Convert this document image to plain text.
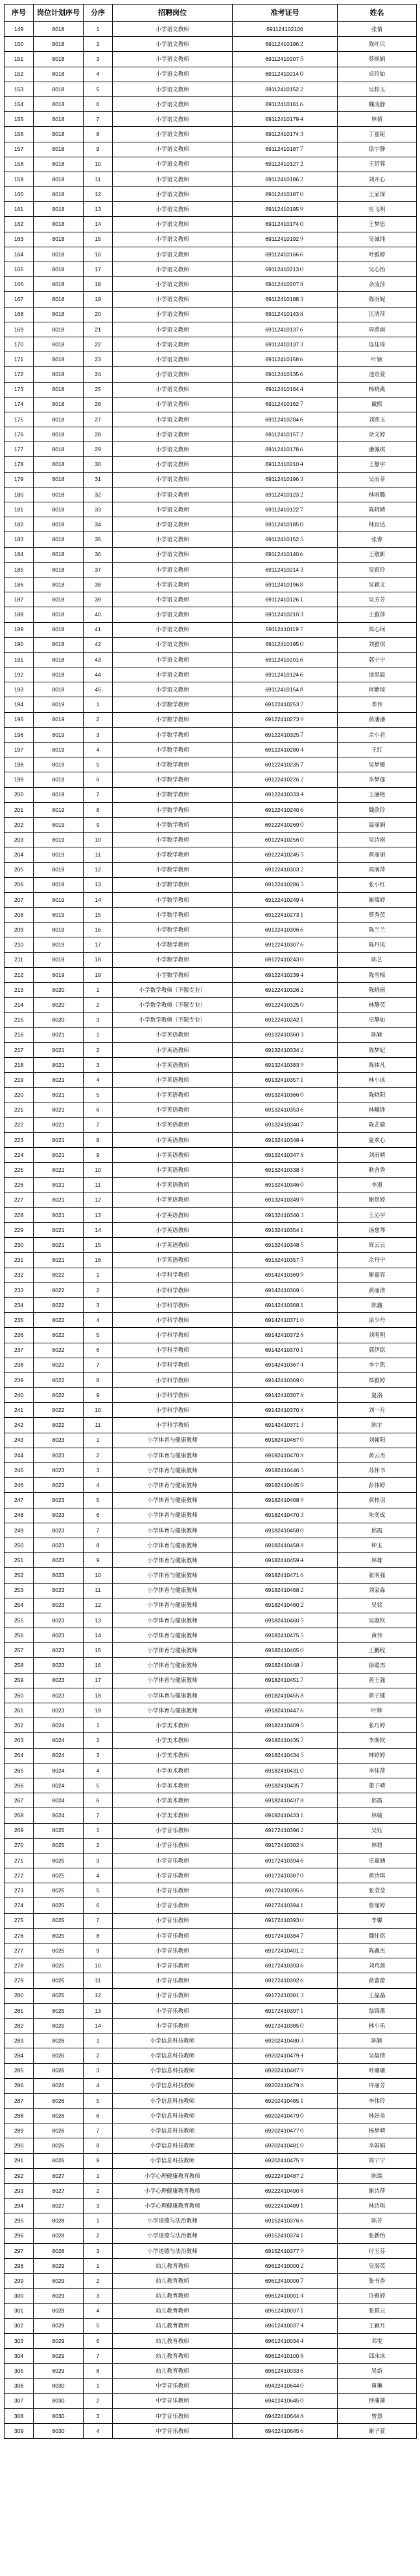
序号	岗位计划序号	分序	招聘岗位	准考证号	姓名
149	8018	1	小学语文教师	69112410210б	张情
150	8018	2	小学语文教师	69112410196２	陈叶贝
151	8018	3	小学语文教师	69112410207５	蔡焕娟
152	8018	4	小学语文教师	69112410214０	卓玲如
153	8018	5	小学语文教师	69112410152２	吴梓玉
154	8018	6	小学语文教师	69112410161６	魏凌静
155	8018	7	小学语文教师	69112410179４	林倩
156	8018	8	小学语文教师	69112410174３	丁兹铌
157	8018	9	小学语文教师	69112410187７	徐宇静
158	8018	10	小学语文教师	69112410127２	王绍蓉
159	8018	11	小学语文教师	69112410186２	刘开心
160	8018	12	小学语文教师	69112410187０	王家琛
161	8018	13	小学语文教师	69112410195９	应飞明
162	8018	14	小学语文教师	69112410174０	王梦思
163	8018	15	小学语文教师	69112410192９	吴诚纯
164	8018	16	小学语文教师	69112410166６	叶雅婷
165	8018	17	小学语文教师	69112410213０	吴心怡
166	8018	18	小学语文教师	69112410207８	余凌萍
167	8018	19	小学语文教师	69112410188３	陈雨妮
168	8018	20	小学语文教师	69112410143８	江清萍
169	8018	21	小学语文教师	69112410137６	周欣雨
170	8018	22	小学语文教师	69112410137３	连佳琦
171	8018	23	小学语文教师	69112410158６	叶颖
172	8018	24	小学语文教师	69112410135６	池语萱
173	8018	25	小学语文教师	69112410164４	杨晓燕
174	8018	26	小学语文教师	69112410162７	戴熙
175	8018	27	小学语文教师	69112410204６	刘欣玉
176	8018	28	小学语文教师	69112410157２	余文婷
177	8018	29	小学语文教师	69112410178６	潘佩琪
178	8018	30	小学语文教师	69112410210４	王静宇
179	8018	31	小学语文教师	69112410196３	吴雨菲
180	8018	32	小学语文教师	69112410123２	林雨璐
181	8018	33	小学语文教师	69112410122７	陈晓婧
182	8018	34	小学语文教师	69112410185０	林宜达
183	8018	35	小学语文教师	69112410152５	张睿
184	8018	36	小学语文教师	69112410140６	王敬新
185	8018	37	小学语文教师	69112410214３	吴银玲
186	8018	38	小学语文教师	69112410196８	吴颖文
187	8018	39	小学语文教师	69112410126１	吴芳芳
188	8018	40	小学语文教师	69112410210３	王雅萍
189	8018	41	小学语文教师	69112410119７	郑心珂
190	8018	42	小学语文教师	69112410195０	刘雅琪
191	8018	43	小学语文教师	69112410201６	郭宁宁
192	8018	44	小学语文教师	69112410124６	池思晨
193	8018	45	小学语文教师	69112410154８	何紫琼
194	8019	1	小学数学教师	69122410253７	季伟
195	8019	2	小学数学教师	69122410273９	黄潘潘
196	8019	3	小学数学教师	69122410325７	余小君
197	8019	4	小学数学教师	69122410280４	王红
198	8019	5	小学数学教师	69122410235７	吴梦媛
199	8019	6	小学数学教师	69122410226２	李梦莲
200	8019	7	小学数学教师	69122410333４	王涵艳
201	8019	8	小学数学教师	69122410240６	魏欣玲
202	8019	9	小学数学教师	69122410269０	温丽娟
203	8019	10	小学数学教师	69122410256０	吴诗雨
204	8019	11	小学数学教师	69122410245５	黄丽丽
205	8019	12	小学数学教师	69122410303２	郑润萍
206	8019	13	小学数学教师	69122410286５	张小红
207	8019	14	小学数学教师	69122410249４	谢瑞婷
208	8019	15	小学数学教师	69122410273１	蔡秀英
209	8019	16	小学数学教师	69122410306６	陈兰兰
210	8019	17	小学数学教师	69122410307６	陈丹凤
211	8019	18	小学数学教师	69122410243０	陈艺
212	8019	19	小学数学教师	69122410239４	陈雪梅
213	8020	1	小学数学教师（不限专业）	69122410326２	陈晓雨
214	8020	2	小学数学教师（不限专业）	69122410325０	林静英
215	8020	3	小学数学教师（不限专业）	69122410242１	卓静如
216	8021	1	小学英语教师	69132410360３	陈颖
217	8021	2	小学英语教师	69132410334２	陈梦妃
218	8021	3	小学英语教师	69132410383９	陈祎凡
219	8021	4	小学英语教师	69132410357１	林小冰
220	8021	5	小学英语教师	69132410366０	陈晓阳
221	8021	6	小学英语教师	69132410353６	林曦烨
222	8021	7	小学英语教师	69132410340７	陈艺璇
223	8021	8	小学英语教师	69132410348４	夏欢心
224	8021	9	小学英语教师	69132410347８	刘雨晴
225	8021	10	小学英语教师	69132410338３	耿舍秀
226	8021	11	小学英语教师	69132410346０	李逍
227	8021	12	小学英语教师	69132410349９	谢煜婷
228	8021	13	小学英语教师	69132410346３	王沁宇
229	8021	14	小学英语教师	69132410354１	汤慈琴
230	8021	15	小学英语教师	69132410348５	周云云
231	8021	16	小学英语教师	69132410357５	余丹宁
232	8022	1	小学科学教师	69142410369９	谢嘉容
233	8022	2	小学科学教师	69142410369５	黄丽清
234	8022	3	小学科学教师	69142410368１	陈鑫
235	8022	4	小学科学教师	69142410371０	涂少丹
236	8022	5	小学科学教师	69142410372８	刘明明
237	8022	6	小学科学教师	69142410370１	郭伊铭
238	8022	7	小学科学教师	69142410367４	李宇凯
239	8022	8	小学科学教师	69142410369０	郑雅婷
240	8022	9	小学科学教师	69142410367８	夏洛
241	8022	10	小学科学教师	69142410370８	刘一月
242	8022	11	小学科学教师	69142410371３	陈宇
243	8023	1	小学体育与健康教师	69182410467０	刘翰阳
244	8023	2	小学体育与健康教师	69182410470８	黄云杰
245	8023	3	小学体育与健康教师	69182410446５	苏怀书
246	8023	4	小学体育与健康教师	69182410445９	彭伟婷
247	8023	5	小学体育与健康教师	69182410468９	黄梓羽
248	8023	6	小学体育与健康教师	69182410470３	朱奕成
249	8023	7	小学体育与健康教师	69182410458０	邱霞
250	8023	8	小学体育与健康教师	69182410458８	钟玉
251	8023	9	小学体育与健康教师	69182410459４	林雄
252	8023	10	小学体育与健康教师	69182410471６	张明强
253	8023	11	小学体育与健康教师	69182410468２	刘家森
254	8023	12	小学体育与健康教师	69182410460２	吴铭
255	8023	13	小学体育与健康教师	69182410460５	吴淑钦
256	8023	14	小学体育与健康教师	69182410475５	黄伟
257	8023	15	小学体育与健康教师	69182410465０	王鹏程
258	8023	16	小学体育与健康教师	69182410448７	徐聪杰
259	8023	17	小学体育与健康教师	69182410451７	黄王强
260	8023	18	小学体育与健康教师	69182410455８	黄子键
261	8023	19	小学体育与健康教师	69182410447６	叶辉
262	8024	1	小学美术教师	69182410409５	张巧婷
263	8024	2	小学美术教师	69182410435７	李斯钦
264	8024	3	小学美术教师	69182410434５	林婷婷
265	8024	4	小学美术教师	69182410431０	李佳萍
266	8024	5	小学美术教师	69182410435７	董子晴
267	8024	6	小学美术教师	69182410437８	邱霞
268	8024	7	小学美术教师	69182410433１	林婕
269	8025	1	小学音乐教师	69172410396２	吴钰
270	8025	2	小学音乐教师	69172410382８	林碧
271	8025	3	小学音乐教师	69172410394６	卓嘉涵
272	8025	4	小学音乐教师	69172410387０	黄诗琪
273	8025	5	小学音乐教师	69172410395６	张莹莹
274	8025	6	小学音乐教师	69172410394１	詹瑾婷
275	8025	7	小学音乐教师	69172410393０	李馨
276	8025	8	小学音乐教师	69172410384７	魏佳铭
277	8025	9	小学音乐教师	69172410401２	陈鑫杰
278	8025	10	小学音乐教师	69172410393６	刘芃茜
279	8025	11	小学音乐教师	69172410392６	黄蕾蕾
280	8025	12	小学音乐教师	69172410381３	王晶晶
281	8025	13	小学音乐教师	69172410397１	翁锦燕
282	8025	14	小学音乐教师	69172410385０	林小乐
283	8026	1	小学信息科技教师	69202410480３	陈颖
284	8026	2	小学信息科技教师	69202410479４	吴晨倩
285	8026	3	小学信息科技教师	69202410487９	叶珊珊
286	8026	4	小学信息科技教师	69202410479８	许丽芳
287	8026	5	小学信息科技教师	69202410485１	李伟玲
288	8026	6	小学信息科技教师	69202410479０	林好美
289	8026	7	小学信息科技教师	69202410477０	杨梦晴
290	8026	8	小学信息科技教师	69202410481０	李娟娟
291	8026	9	小学信息科技教师	69202410475９	郑宁宁
292	8027	1	小学心理健康教育教师	69222410487２	陈瑞
293	8027	2	小学心理健康教育教师	69222410490８	谢诗萍
294	8027	3	小学心理健康教育教师	69222410489１	林诗琪
295	8028	1	小学道德与法治教师	69152410376６	陈芳
296	8028	2	小学道德与法治教师	69152410374１	张新怡
297	8028	3	小学道德与法治教师	69152410377９	付玉芬
298	8029	1	幼儿教育教师	69612410000２	吴海英
299	8029	2	幼儿教育教师	69612410000７	张书香
300	8029	3	幼儿教育教师	69612410001４	许雅婷
301	8029	4	幼儿教育教师	69612410037１	张碧云
302	8029	5	幼儿教育教师	69612410037４	王颖月
303	8029	6	幼儿教育教师	69612410034４	邓雯
304	8029	7	幼儿教育教师	69612410100８	邱冰冰
305	8029	8	幼儿教育教师	69612410033６	吴新
306	8030	1	中学音乐教师	69422410644０	黄琳
307	8030	2	中学音乐教师	69422410645０	钟蒲蒲
308	8030	3	中学音乐教师	69422410644８	曾慧
309	8030	4	中学音乐教师	69422410645６	谢子萱
